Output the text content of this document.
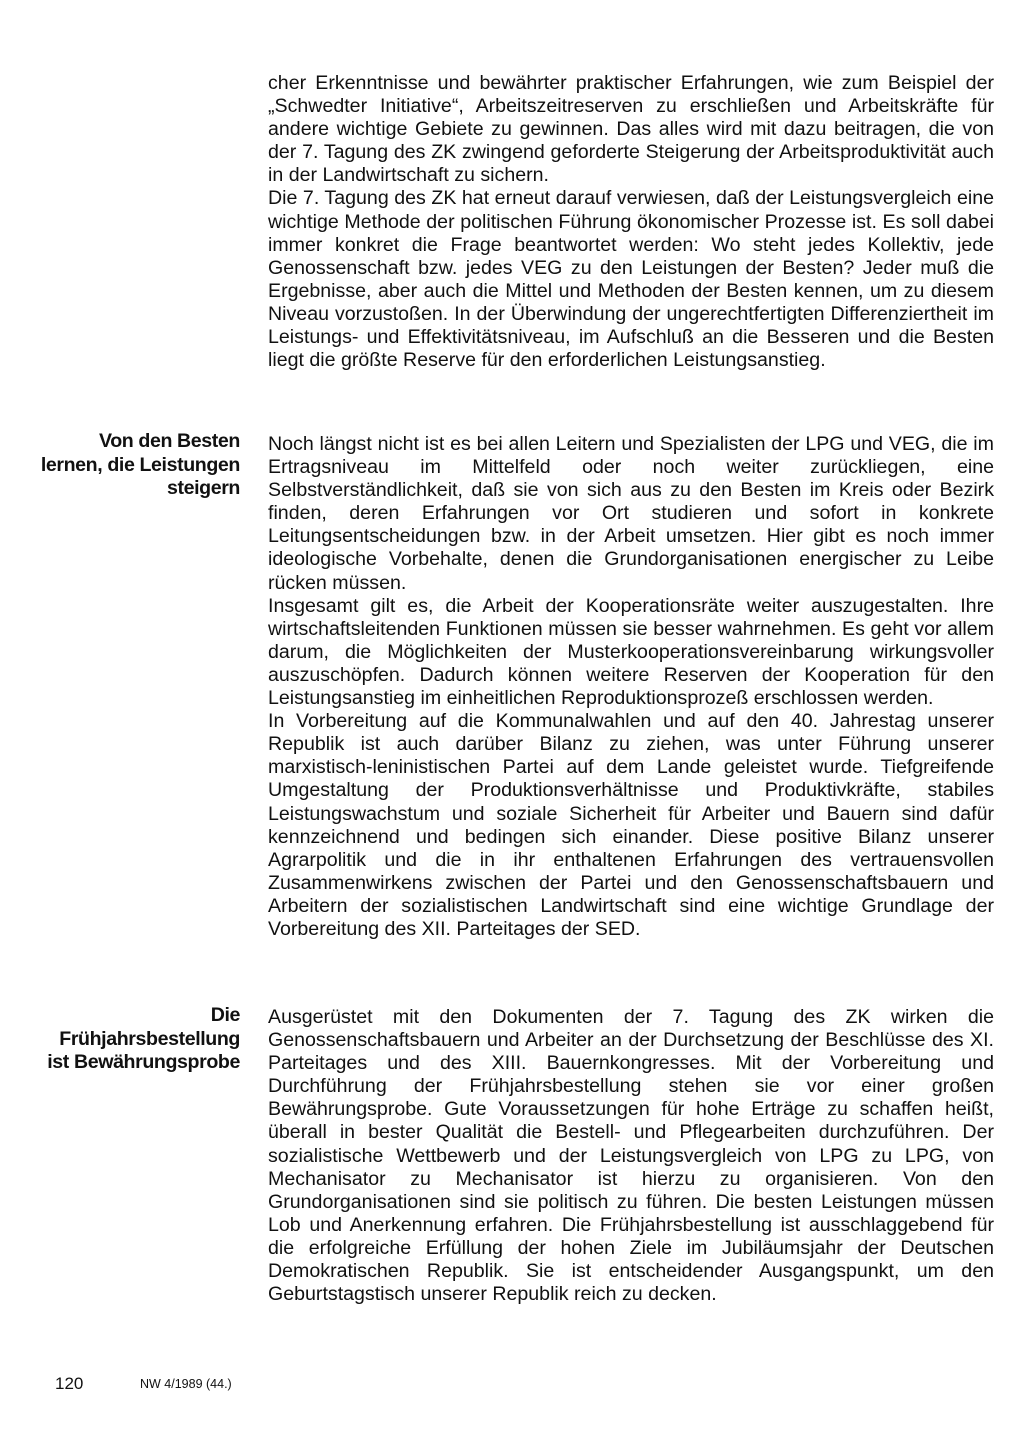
cher Erkenntnisse und bewährter praktischer Erfahrungen, wie zum Beispiel der „Schwedter Initiative“, Arbeitszeitreserven zu erschließen und Arbeitskräfte für andere wichtige Gebiete zu gewinnen. Das alles wird mit dazu beitragen, die von der 7. Tagung des ZK zwingend geforderte Steigerung der Arbeitsproduktivität auch in der Landwirtschaft zu sichern.

Die 7. Tagung des ZK hat erneut darauf verwiesen, daß der Leistungsvergleich eine wichtige Methode der politischen Führung ökonomischer Prozesse ist. Es soll dabei immer konkret die Frage beantwortet werden: Wo steht jedes Kollektiv, jede Genossenschaft bzw. jedes VEG zu den Leistungen der Besten? Jeder muß die Ergebnisse, aber auch die Mittel und Methoden der Besten kennen, um zu diesem Niveau vorzustoßen. In der Überwindung der ungerechtfertigten Differenziertheit im Leistungs- und Effektivitätsniveau, im Aufschluß an die Besseren und die Besten liegt die größte Reserve für den erforderlichen Leistungsanstieg.

Von den Besten lernen, die Leistungen steigern

Noch längst nicht ist es bei allen Leitern und Spezialisten der LPG und VEG, die im Ertragsniveau im Mittelfeld oder noch weiter zurückliegen, eine Selbstverständlichkeit, daß sie von sich aus zu den Besten im Kreis oder Bezirk finden, deren Erfahrungen vor Ort studieren und sofort in konkrete Leitungsentscheidungen bzw. in der Arbeit umsetzen. Hier gibt es noch immer ideologische Vorbehalte, denen die Grundorganisationen energischer zu Leibe rücken müssen.

Insgesamt gilt es, die Arbeit der Kooperationsräte weiter auszugestalten. Ihre wirtschaftsleitenden Funktionen müssen sie besser wahrnehmen. Es geht vor allem darum, die Möglichkeiten der Musterkooperationsvereinbarung wirkungsvoller auszuschöpfen. Dadurch können weitere Reserven der Kooperation für den Leistungsanstieg im einheitlichen Reproduktionsprozeß erschlossen werden.

In Vorbereitung auf die Kommunalwahlen und auf den 40. Jahrestag unserer Republik ist auch darüber Bilanz zu ziehen, was unter Führung unserer marxistisch-leninistischen Partei auf dem Lande geleistet wurde. Tiefgreifende Umgestaltung der Produktionsverhältnisse und Produktivkräfte, stabiles Leistungswachstum und soziale Sicherheit für Arbeiter und Bauern sind dafür kennzeichnend und bedingen sich einander. Diese positive Bilanz unserer Agrarpolitik und die in ihr enthaltenen Erfahrungen des vertrauensvollen Zusammenwirkens zwischen der Partei und den Genossenschaftsbauern und Arbeitern der sozialistischen Landwirtschaft sind eine wichtige Grundlage der Vorbereitung des XII. Parteitages der SED.

Die Frühjahrsbestellung ist Bewährungsprobe

Ausgerüstet mit den Dokumenten der 7. Tagung des ZK wirken die Genossenschaftsbauern und Arbeiter an der Durchsetzung der Beschlüsse des XI. Parteitages und des XIII. Bauernkongresses. Mit der Vorbereitung und Durchführung der Frühjahrsbestellung stehen sie vor einer großen Bewährungsprobe. Gute Voraussetzungen für hohe Erträge zu schaffen heißt, überall in bester Qualität die Bestell- und Pflegearbeiten durchzuführen. Der sozialistische Wettbewerb und der Leistungsvergleich von LPG zu LPG, von Mechanisator zu Mechanisator ist hierzu zu organisieren. Von den Grundorganisationen sind sie politisch zu führen. Die besten Leistungen müssen Lob und Anerkennung erfahren. Die Frühjahrsbestellung ist ausschlaggebend für die erfolgreiche Erfüllung der hohen Ziele im Jubiläumsjahr der Deutschen Demokratischen Republik. Sie ist entscheidender Ausgangspunkt, um den Geburtstagstisch unserer Republik reich zu decken.

120	NW 4/1989 (44.)
